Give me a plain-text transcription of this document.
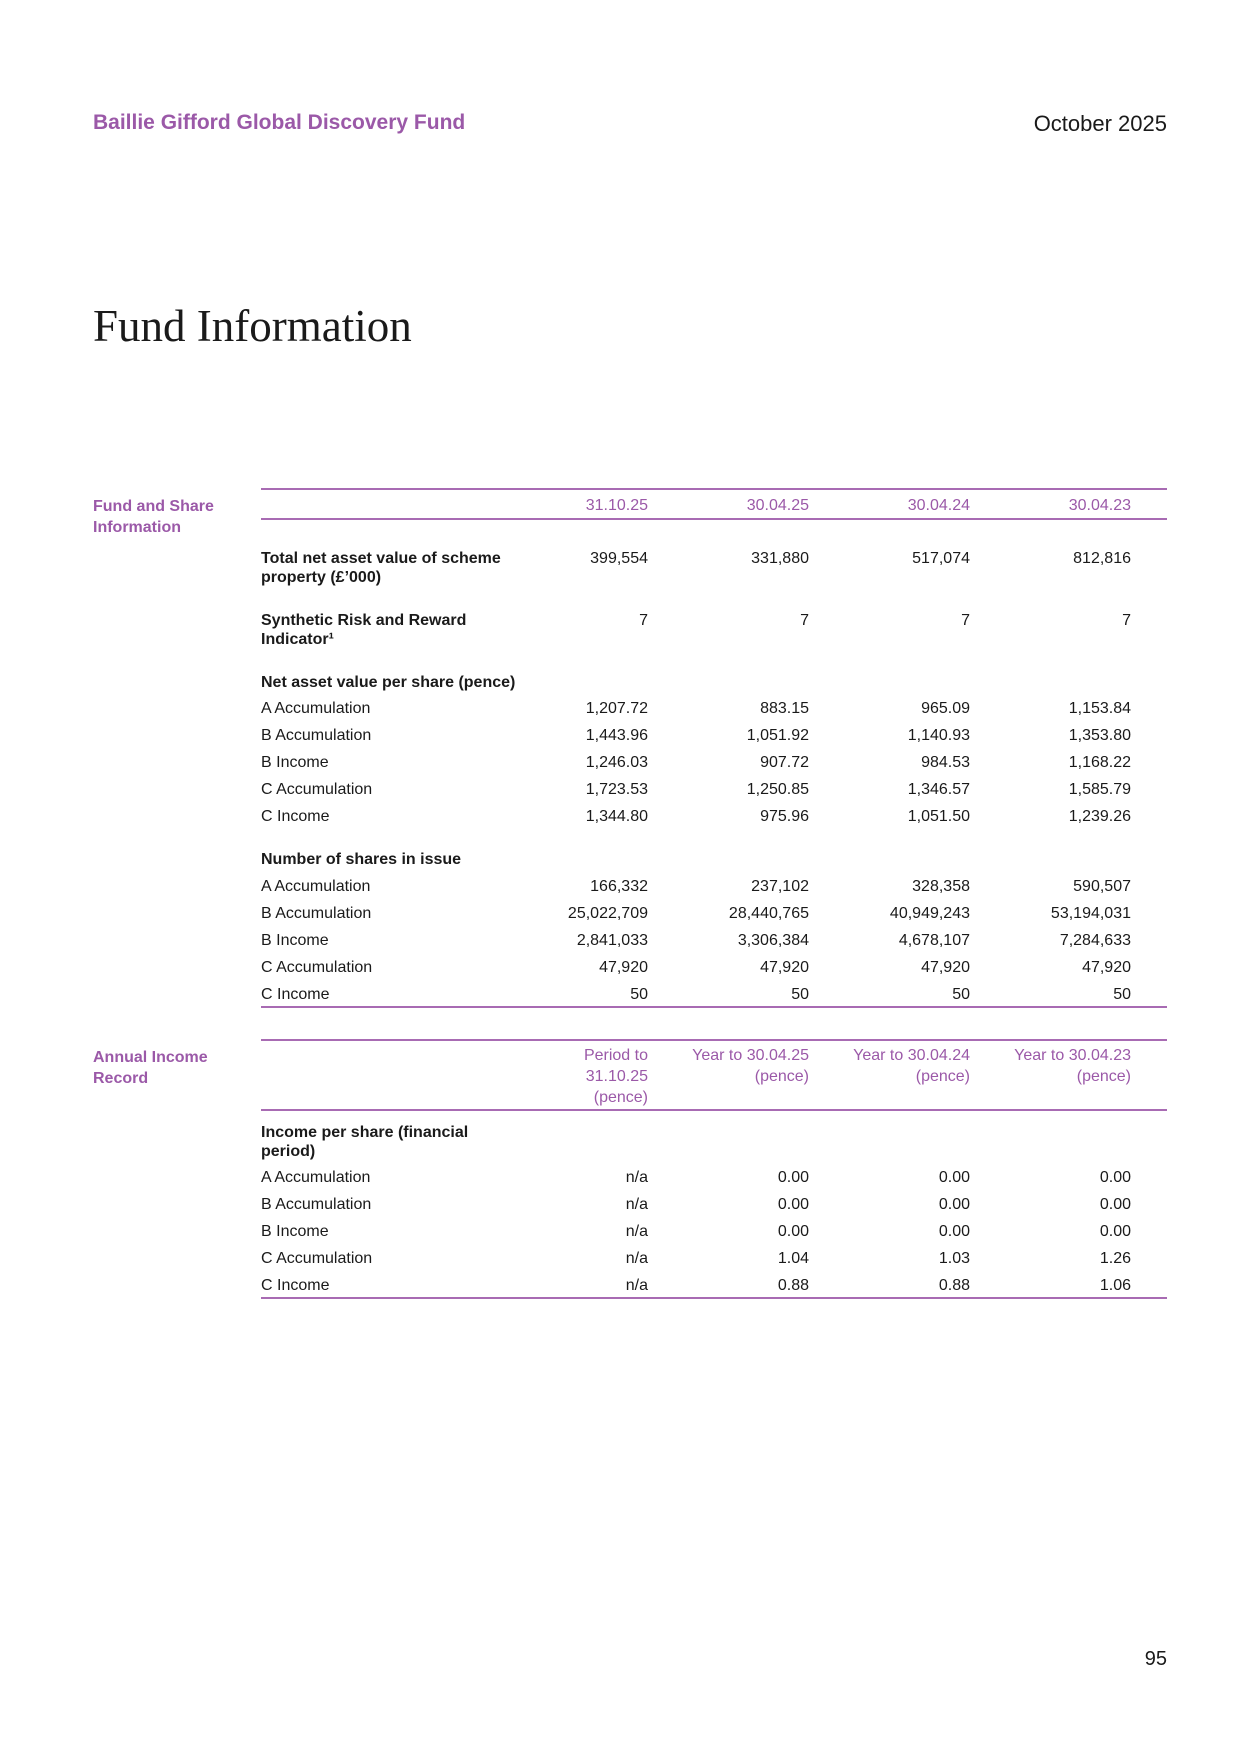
Baillie Gifford Global Discovery Fund	October 2025
Fund Information
Fund and Share Information
Annual Income Record
31.10.25	30.04.25	30.04.24	30.04.23
Total net asset value of scheme property (£’000)
399,554	331,880	517,074	812,816
Synthetic Risk and Reward Indicator¹
7	7	7	7
Net asset value per share (pence)
A Accumulation	1,207.72	883.15	965.09	1,153.84
B Accumulation	1,443.96	1,051.92	1,140.93	1,353.80
B Income	1,246.03	907.72	984.53	1,168.22
C Accumulation	1,723.53	1,250.85	1,346.57	1,585.79
C Income	1,344.80	975.96	1,051.50	1,239.26
Number of shares in issue
A Accumulation	166,332	237,102	328,358	590,507
B Accumulation	25,022,709	28,440,765	40,949,243	53,194,031
B Income	2,841,033	3,306,384	4,678,107	7,284,633
C Accumulation	47,920	47,920	47,920	47,920
C Income	50	50	50	50
Period to 31.10.25
(pence)
Year to 30.04.25
(pence)
Year to 30.04.24
(pence)
Year to 30.04.23
(pence)
Income per share (financial period)
A Accumulation	n/a	0.00	0.00	0.00
B Accumulation	n/a	0.00	0.00	0.00
B Income	n/a	0.00	0.00	0.00
C Accumulation	n/a	1.04	1.03	1.26
C Income	n/a	0.88	0.88	1.06
95
